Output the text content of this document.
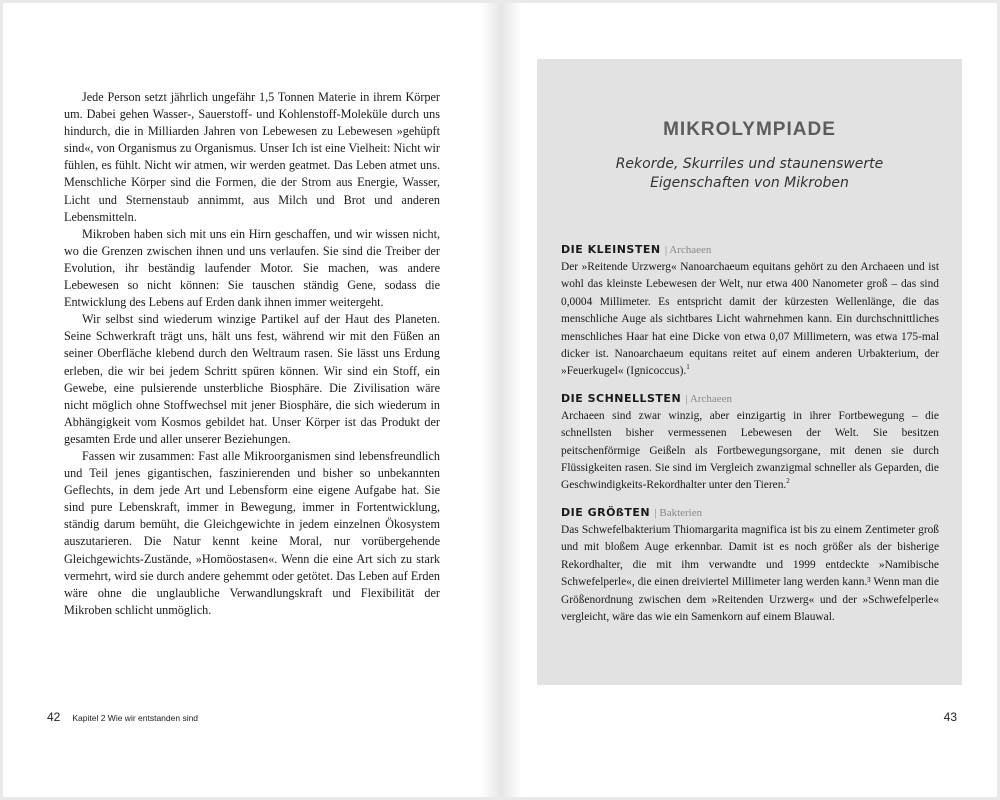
Jede Person setzt jährlich ungefähr 1,5 Tonnen Materie in ihrem Körper um. Dabei gehen Wasser-, Sauerstoff- und Kohlenstoff-Moleküle durch uns hindurch, die in Milliarden Jahren von Lebewesen zu Lebewesen »gehüpft sind«, von Organismus zu Organismus. Unser Ich ist eine Vielheit: Nicht wir fühlen, es fühlt. Nicht wir atmen, wir werden geatmet. Das Leben atmet uns. Menschliche Körper sind die Formen, die der Strom aus Energie, Wasser, Licht und Sternenstaub annimmt, aus Milch und Brot und anderen Lebensmitteln.

Mikroben haben sich mit uns ein Hirn geschaffen, und wir wissen nicht, wo die Grenzen zwischen ihnen und uns verlaufen. Sie sind die Treiber der Evolution, ihr beständig laufender Motor. Sie machen, was andere Lebewesen so nicht können: Sie tauschen ständig Gene, sodass die Entwicklung des Lebens auf Erden dank ihnen immer weitergeht.

Wir selbst sind wiederum winzige Partikel auf der Haut des Planeten. Seine Schwerkraft trägt uns, hält uns fest, während wir mit den Füßen an seiner Oberfläche klebend durch den Weltraum rasen. Sie lässt uns Erdung erleben, die wir bei jedem Schritt spüren können. Wir sind ein Stoff, ein Gewebe, eine pulsierende unsterbliche Biosphäre. Die Zivilisation wäre nicht möglich ohne Stoffwechsel mit jener Biosphäre, die sich wiederum in Abhängigkeit vom Kosmos gebildet hat. Unser Körper ist das Produkt der gesamten Erde und aller unserer Beziehungen.

Fassen wir zusammen: Fast alle Mikroorganismen sind lebensfreundlich und Teil jenes gigantischen, faszinierenden und bisher so unbekannten Geflechts, in dem jede Art und Lebensform eine eigene Aufgabe hat. Sie sind pure Lebenskraft, immer in Bewegung, immer in Fortentwicklung, ständig darum bemüht, die Gleichgewichte in jedem einzelnen Ökosystem auszutarieren. Die Natur kennt keine Moral, nur vorübergehende Gleichgewichts-Zustände, »Homöostasen«. Wenn die eine Art sich zu stark vermehrt, wird sie durch andere gehemmt oder getötet. Das Leben auf Erden wäre ohne die unglaubliche Verwandlungskraft und Flexibilität der Mikroben schlicht unmöglich.

42 Kapitel 2 Wie wir entstanden sind
MIKROLYMPIADE
Rekorde, Skurriles und staunenswerte
Eigenschaften von Mikroben
DIE KLEINSTEN | Archaeen

Der »Reitende Urzwerg« Nanoarchaeum equitans gehört zu den Archaeen und ist wohl das kleinste Lebewesen der Welt, nur etwa 400 Nanometer groß – das sind 0,0004 Millimeter. Es entspricht damit der kürzesten Wellenlänge, die das menschliche Auge als sichtbares Licht wahrnehmen kann. Ein durchschnittliches menschliches Haar hat eine Dicke von etwa 0,07 Millimetern, was etwa 175-mal dicker ist. Nanoarchaeum equitans reitet auf einem anderen Urbakterium, der »Feuerkugel« (Ignicoccus).$^1$

DIE SCHNELLSTEN | Archaeen

Archaeen sind zwar winzig, aber einzigartig in ihrer Fortbewegung – die schnellsten bisher vermessenen Lebewesen der Welt. Sie besitzen peitschenförmige Geißeln als Fortbewegungsorgane, mit denen sie durch Flüssigkeiten rasen. Sie sind im Vergleich zwanzigmal schneller als Geparden, die Geschwindigkeits-Rekordhalter unter den Tieren.$^2$

DIE GRÖßTEN | Bakterien

Das Schwefelbakterium Thiomargarita magnifica ist bis zu einem Zentimeter groß und mit bloßem Auge erkennbar. Damit ist es noch größer als der bisherige Rekordhalter, die mit ihm verwandte und 1999 entdeckte »Namibische Schwefelperle«, die einen dreiviertel Millimeter lang werden kann.³ Wenn man die Größenordnung zwischen dem »Reitenden Urzwerg« und der »Schwefelperle« vergleicht, wäre das wie ein Samenkorn auf einem Blauwal.

43
